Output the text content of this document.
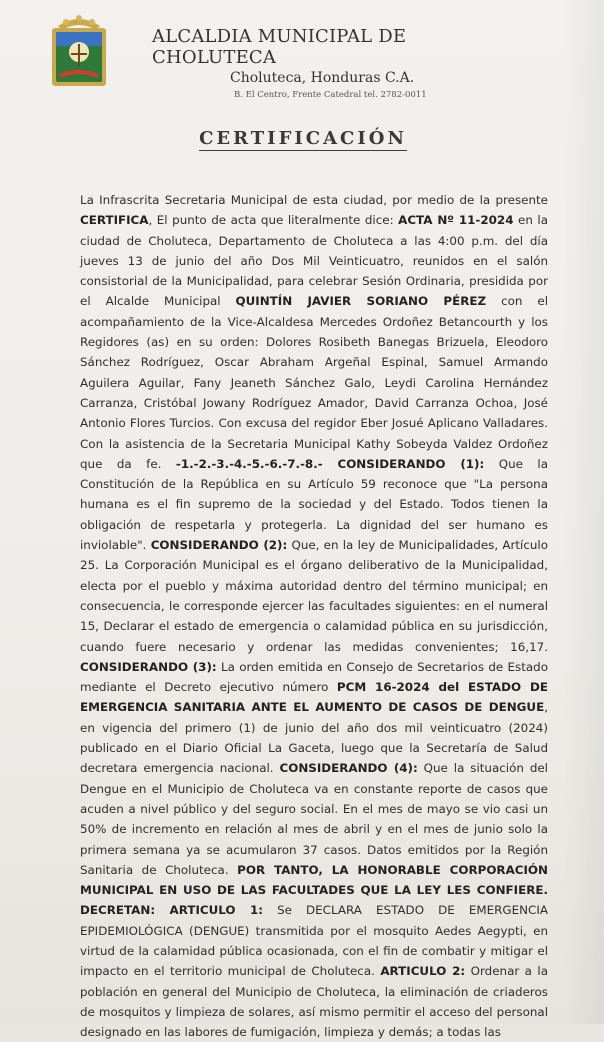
ALCALDIA MUNICIPAL DE CHOLUTECA
Choluteca, Honduras C.A.
B. El Centro, Frente Catedral tel. 2782-0011
CERTIFICACIÓN
La Infrascrita Secretaria Municipal de esta ciudad, por medio de la presente CERTIFICA, El punto de acta que literalmente dice: ACTA Nº 11-2024 en la ciudad de Choluteca, Departamento de Choluteca a las 4:00 p.m. del día jueves 13 de junio del año Dos Mil Veinticuatro, reunidos en el salón consistorial de la Municipalidad, para celebrar Sesión Ordinaria, presidida por el Alcalde Municipal QUINTÍN JAVIER SORIANO PÉREZ con el acompañamiento de la Vice-Alcaldesa Mercedes Ordoñez Betancourth y los Regidores (as) en su orden: Dolores Rosibeth Banegas Brizuela, Eleodoro Sánchez Rodríguez, Oscar Abraham Argeñal Espinal, Samuel Armando Aguilera Aguilar, Fany Jeaneth Sánchez Galo, Leydi Carolina Hernández Carranza, Cristóbal Jowany Rodríguez Amador, David Carranza Ochoa, José Antonio Flores Turcios. Con excusa del regidor Eber Josué Aplicano Valladares. Con la asistencia de la Secretaria Municipal Kathy Sobeyda Valdez Ordoñez que da fe. -1.-2.-3.-4.-5.-6.-7.-8.- CONSIDERANDO (1): Que la Constitución de la República en su Artículo 59 reconoce que "La persona humana es el fin supremo de la sociedad y del Estado. Todos tienen la obligación de respetarla y protegerla. La dignidad del ser humano es inviolable". CONSIDERANDO (2): Que, en la ley de Municipalidades, Artículo 25. La Corporación Municipal es el órgano deliberativo de la Municipalidad, electa por el pueblo y máxima autoridad dentro del término municipal; en consecuencia, le corresponde ejercer las facultades siguientes: en el numeral 15, Declarar el estado de emergencia o calamidad pública en su jurisdicción, cuando fuere necesario y ordenar las medidas convenientes; 16,17. CONSIDERANDO (3): La orden emitida en Consejo de Secretarios de Estado mediante el Decreto ejecutivo número PCM 16-2024 del ESTADO DE EMERGENCIA SANITARIA ANTE EL AUMENTO DE CASOS DE DENGUE, en vigencia del primero (1) de junio del año dos mil veinticuatro (2024) publicado en el Diario Oficial La Gaceta, luego que la Secretaría de Salud decretara emergencia nacional. CONSIDERANDO (4): Que la situación del Dengue en el Municipio de Choluteca va en constante reporte de casos que acuden a nivel público y del seguro social. En el mes de mayo se vio casi un 50% de incremento en relación al mes de abril y en el mes de junio solo la primera semana ya se acumularon 37 casos. Datos emitidos por la Región Sanitaria de Choluteca. POR TANTO, LA HONORABLE CORPORACIÓN MUNICIPAL EN USO DE LAS FACULTADES QUE LA LEY LES CONFIERE. DECRETAN: ARTICULO 1: Se DECLARA ESTADO DE EMERGENCIA EPIDEMIOLÓGICA (DENGUE) transmitida por el mosquito Aedes Aegypti, en virtud de la calamidad pública ocasionada, con el fin de combatir y mitigar el impacto en el territorio municipal de Choluteca. ARTICULO 2: Ordenar a la población en general del Municipio de Choluteca, la eliminación de criaderos de mosquitos y limpieza de solares, así mismo permitir el acceso del personal designado en las labores de fumigación, limpieza y demás; a todas las
